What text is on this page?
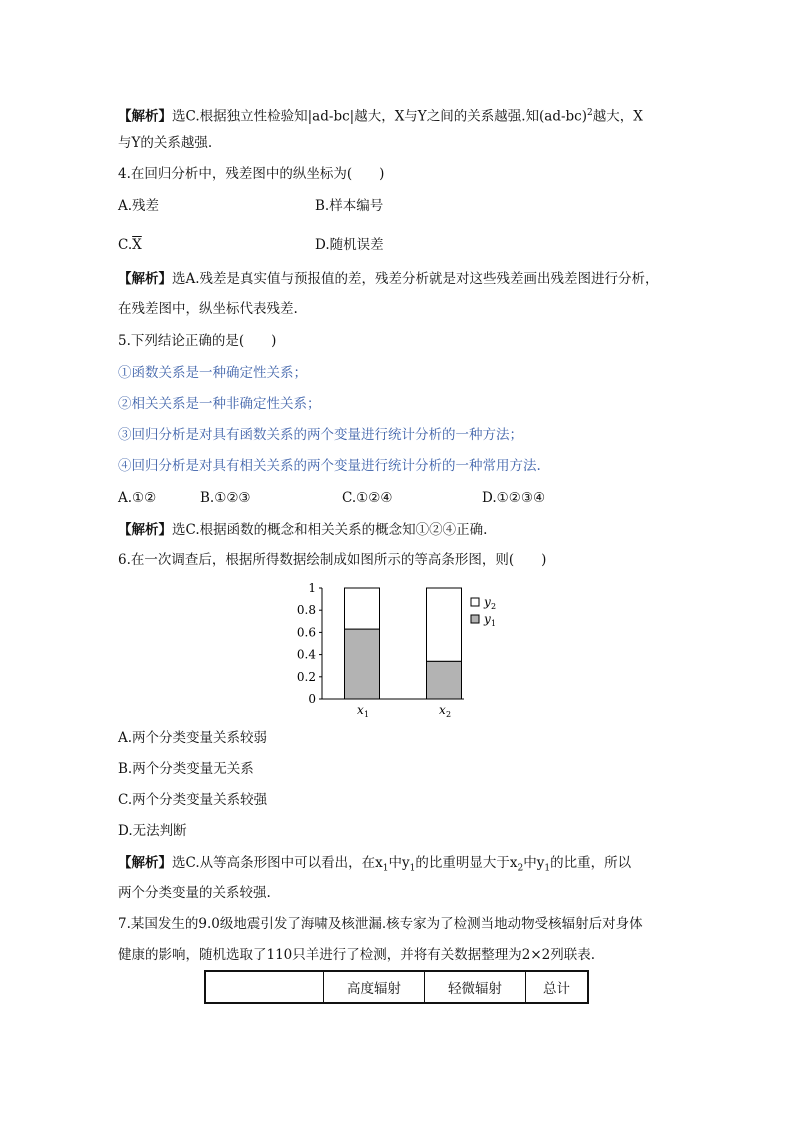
【解析】选C.根据独立性检验知|ad-bc|越大，X与Y之间的关系越强.知$(ad-bc)^2$越大，X
与Y的关系越强.
4.在回归分析中，残差图中的纵坐标为(　　)
A.残差	B.样本编号
$C.\overline{X}$	D.随机误差
【解析】选A.残差是真实值与预报值的差，残差分析就是对这些残差画出残差图进行分析，
在残差图中，纵坐标代表残差.
5.下列结论正确的是(　　)
①函数关系是一种确定性关系；
②相关关系是一种非确定性关系；
③回归分析是对具有函数关系的两个变量进行统计分析的一种方法；
④回归分析是对具有相关关系的两个变量进行统计分析的一种常用方法.
A.①②	B.①②③	C.①②④	D.①②③④
【解析】选C.根据函数的概念和相关关系的概念知①②④正确.
6.在一次调查后，根据所得数据绘制成如图所示的等高条形图，则(　　)
0
0.2
0.4
0.6
0.8
1
x 1	x 2
y 2
y 1
A.两个分类变量关系较弱
B.两个分类变量无关系
C.两个分类变量关系较强
D.无法判断
【解析】选C.从等高条形图中可以看出，在$x_1$中$y_1$的比重明显大于$x_2$中$y_1$的比重，所以
两个分类变量的关系较强.
7.某国发生的9.0级地震引发了海啸及核泄漏.核专家为了检测当地动物受核辐射后对身体
健康的影响，随机选取了110只羊进行了检测，并将有关数据整理为2×2列联表.
	高度辐射	轻微辐射	总计
